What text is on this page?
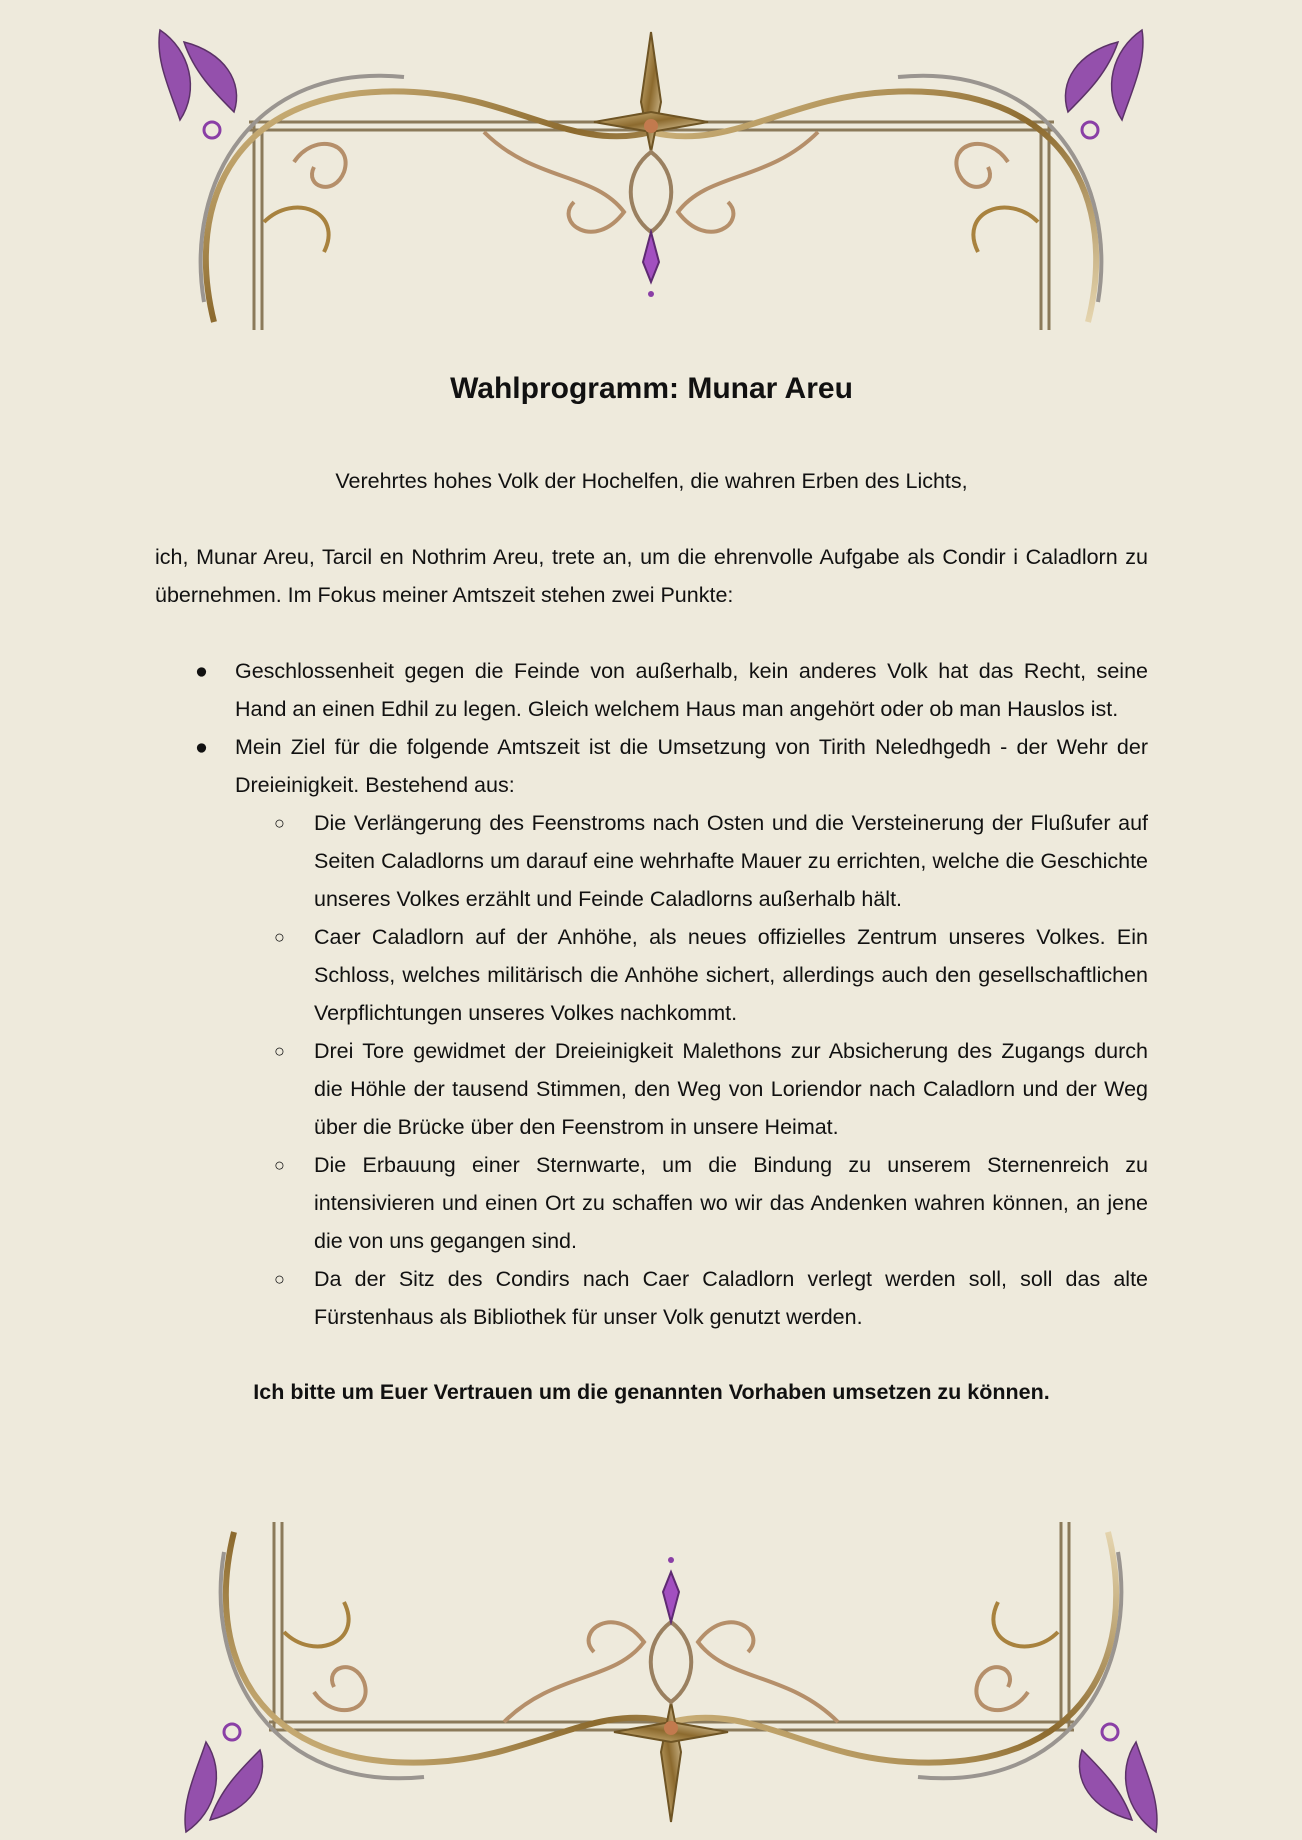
Wahlprogramm: Munar Areu

Verehrtes hohes Volk der Hochelfen, die wahren Erben des Lichts,

ich, Munar Areu, Tarcil en Nothrim Areu, trete an, um die ehrenvolle Aufgabe als Condir i Caladlorn zu übernehmen. Im Fokus meiner Amtszeit stehen zwei Punkte:

● Geschlossenheit gegen die Feinde von außerhalb, kein anderes Volk hat das Recht, seine Hand an einen Edhil zu legen. Gleich welchem Haus man angehört oder ob man Hauslos ist.
● Mein Ziel für die folgende Amtszeit ist die Umsetzung von Tirith Neledhgedh - der Wehr der Dreieinigkeit. Bestehend aus:
○ Die Verlängerung des Feenstroms nach Osten und die Versteinerung der Flußufer auf Seiten Caladlorns um darauf eine wehrhafte Mauer zu errichten, welche die Geschichte unseres Volkes erzählt und Feinde Caladlorns außerhalb hält.
○ Caer Caladlorn auf der Anhöhe, als neues offizielles Zentrum unseres Volkes. Ein Schloss, welches militärisch die Anhöhe sichert, allerdings auch den gesellschaftlichen Verpflichtungen unseres Volkes nachkommt.
○ Drei Tore gewidmet der Dreieinigkeit Malethons zur Absicherung des Zugangs durch die Höhle der tausend Stimmen, den Weg von Loriendor nach Caladlorn und der Weg über die Brücke über den Feenstrom in unsere Heimat.
○ Die Erbauung einer Sternwarte, um die Bindung zu unserem Sternenreich zu intensivieren und einen Ort zu schaffen wo wir das Andenken wahren können, an jene die von uns gegangen sind.
○ Da der Sitz des Condirs nach Caer Caladlorn verlegt werden soll, soll das alte Fürstenhaus als Bibliothek für unser Volk genutzt werden.

Ich bitte um Euer Vertrauen um die genannten Vorhaben umsetzen zu können.
